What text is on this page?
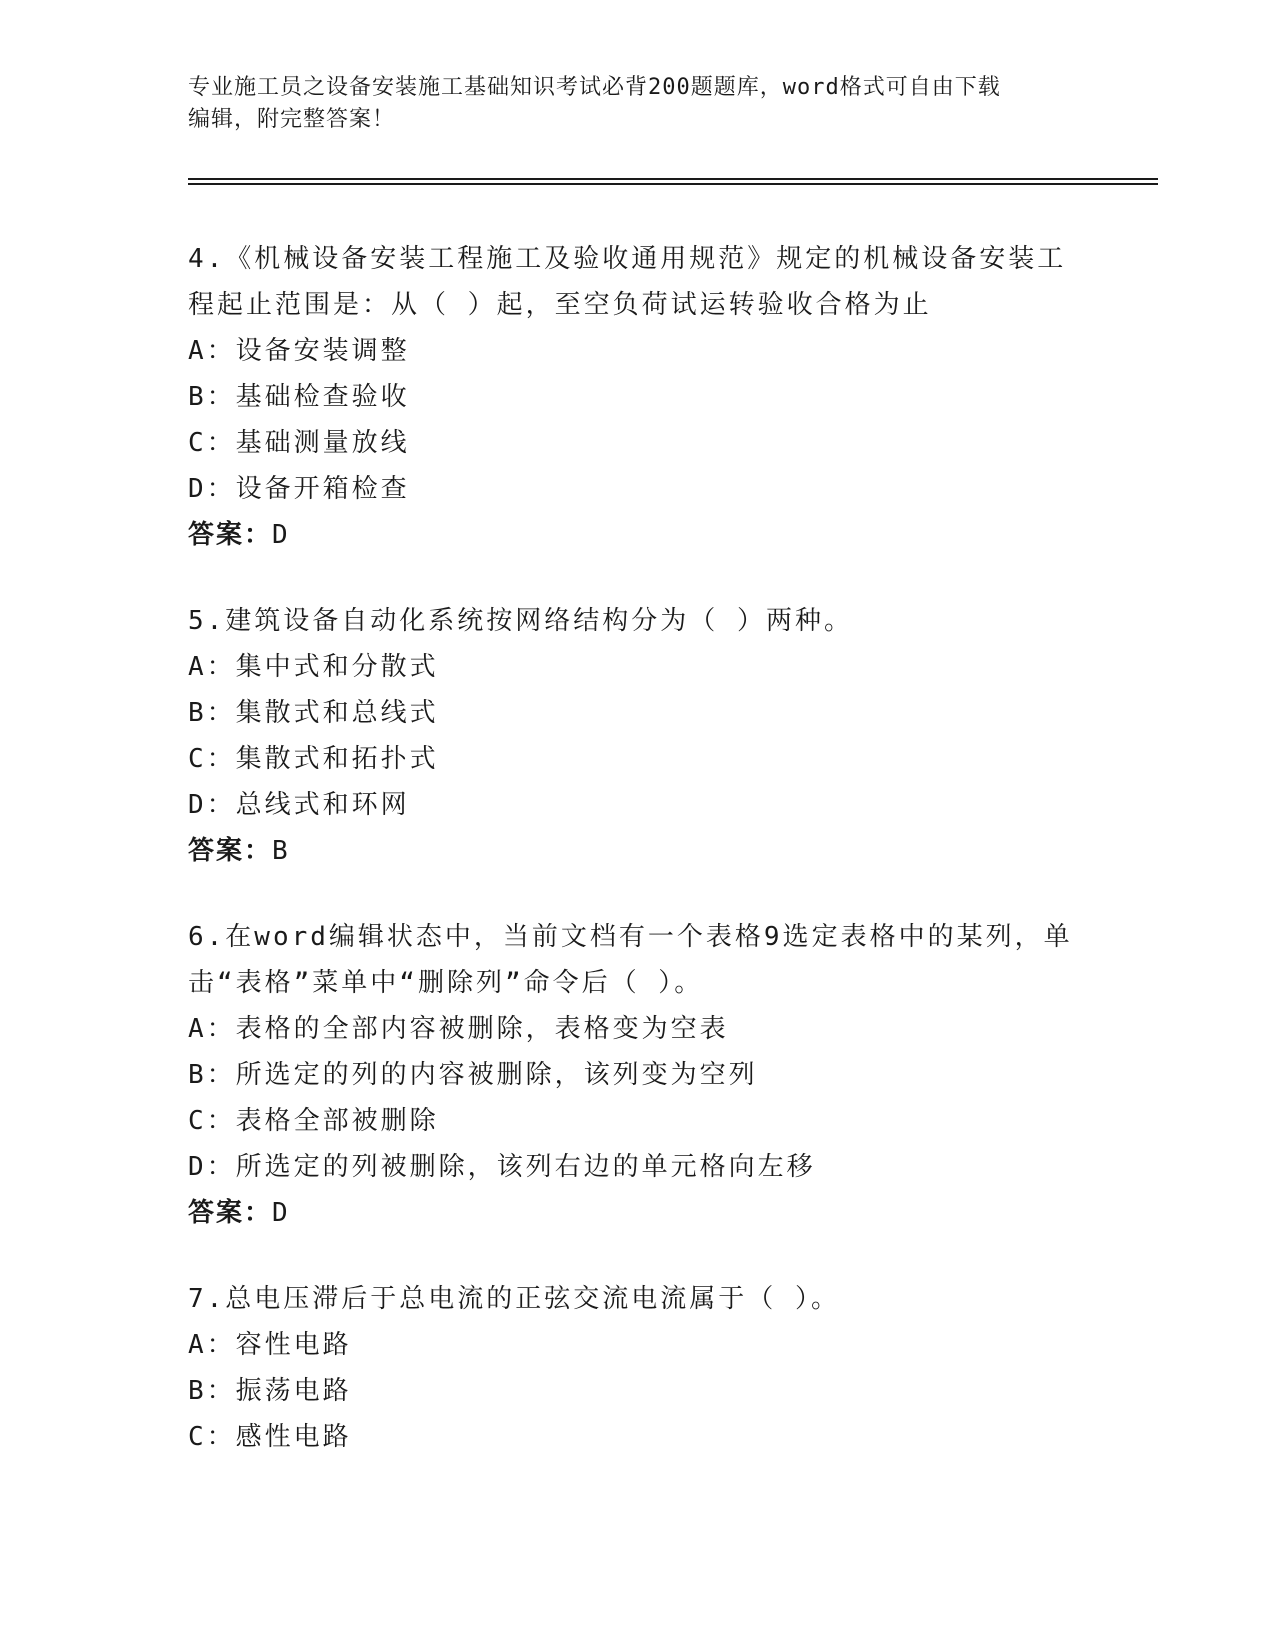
专业施工员之设备安装施工基础知识考试必背200题题库，word格式可自由下载
编辑，附完整答案！

4.《机械设备安装工程施工及验收通用规范》规定的机械设备安装工

程起止范围是：从（ ）起，至空负荷试运转验收合格为止

A：设备安装调整

B：基础检查验收

C：基础测量放线

D：设备开箱检查

答案：D

5.建筑设备自动化系统按网络结构分为（ ）两种。

A：集中式和分散式

B：集散式和总线式

C：集散式和拓扑式

D：总线式和环网

答案：B

6.在word编辑状态中，当前文档有一个表格9选定表格中的某列，单

击“表格”菜单中“删除列”命令后（ ）。

A：表格的全部内容被删除，表格变为空表

B：所选定的列的内容被删除，该列变为空列

C：表格全部被删除

D：所选定的列被删除，该列右边的单元格向左移

答案：D

7.总电压滞后于总电流的正弦交流电流属于（ ）。

A：容性电路

B：振荡电路

C：感性电路
